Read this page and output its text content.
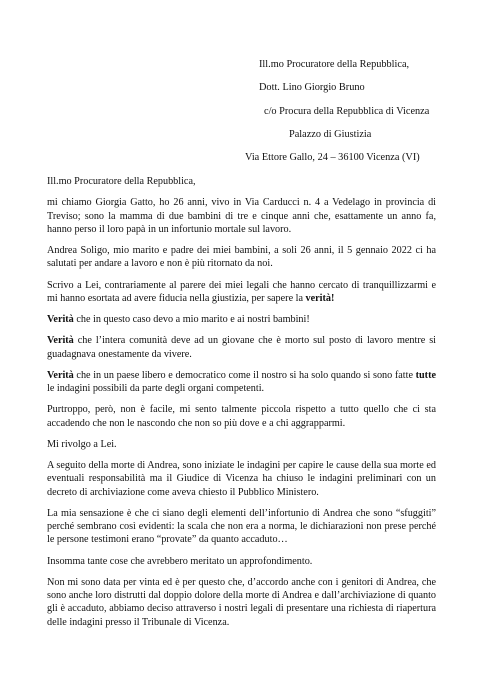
Ill.mo Procuratore della Repubblica,
Dott. Lino Giorgio Bruno
c/o Procura della Repubblica di Vicenza
Palazzo di Giustizia
Via Ettore Gallo, 24 – 36100 Vicenza (VI)

Ill.mo Procuratore della Repubblica,

mi chiamo Giorgia Gatto, ho 26 anni, vivo in Via Carducci n. 4 a Vedelago in provincia di Treviso; sono la mamma di due bambini di tre e cinque anni che, esattamente un anno fa, hanno perso il loro papà in un infortunio mortale sul lavoro.

Andrea Soligo, mio marito e padre dei miei bambini, a soli 26 anni, il 5 gennaio 2022 ci ha salutati per andare a lavoro e non è più ritornato da noi.

Scrivo a Lei, contrariamente al parere dei miei legali che hanno cercato di tranquillizzarmi e mi hanno esortata ad avere fiducia nella giustizia, per sapere la verità!

Verità che in questo caso devo a mio marito e ai nostri bambini!

Verità che l’intera comunità deve ad un giovane che è morto sul posto di lavoro mentre si guadagnava onestamente da vivere.

Verità che in un paese libero e democratico come il nostro si ha solo quando si sono fatte tutte le indagini possibili da parte degli organi competenti.

Purtroppo, però, non è facile, mi sento talmente piccola rispetto a tutto quello che ci sta accadendo che non le nascondo che non so più dove e a chi aggrapparmi.

Mi rivolgo a Lei.

A seguito della morte di Andrea, sono iniziate le indagini per capire le cause della sua morte ed eventuali responsabilità ma il Giudice di Vicenza ha chiuso le indagini preliminari con un decreto di archiviazione come aveva chiesto il Pubblico Ministero.

La mia sensazione è che ci siano degli elementi dell’infortunio di Andrea che sono “sfuggiti” perché sembrano così evidenti: la scala che non era a norma, le dichiarazioni non prese perché le persone testimoni erano “provate” da quanto accaduto…

Insomma tante cose che avrebbero meritato un approfondimento.

Non mi sono data per vinta ed è per questo che, d’accordo anche con i genitori di Andrea, che sono anche loro distrutti dal doppio dolore della morte di Andrea e dall’archiviazione di quanto gli è accaduto, abbiamo deciso attraverso i nostri legali di presentare una richiesta di riapertura delle indagini presso il Tribunale di Vicenza.
